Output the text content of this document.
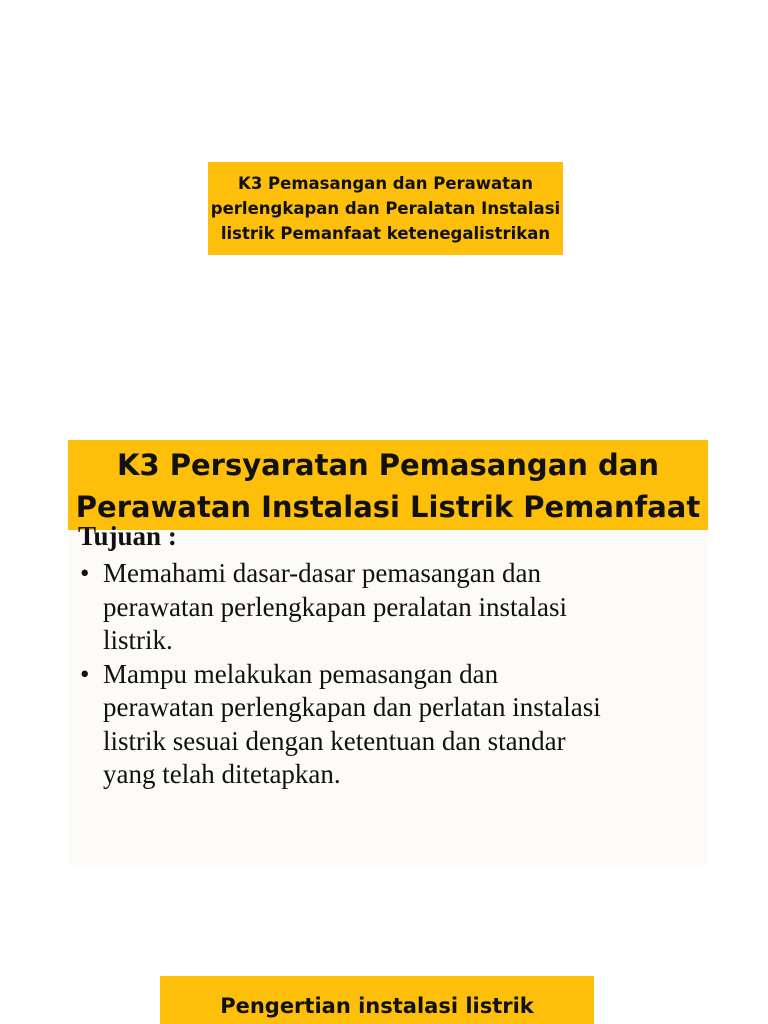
K3 Pemasangan dan Perawatan
perlengkapan dan Peralatan Instalasi
listrik Pemanfaat ketenegalistrikan
K3 Persyaratan Pemasangan dan
Perawatan Instalasi Listrik Pemanfaat
Tujuan :
• Memahami dasar-dasar pemasangan dan
perawatan perlengkapan peralatan instalasi
listrik.
• Mampu melakukan pemasangan dan
perawatan perlengkapan dan perlatan instalasi
listrik sesuai dengan ketentuan dan standar
yang telah ditetapkan.
Pengertian instalasi listrik
